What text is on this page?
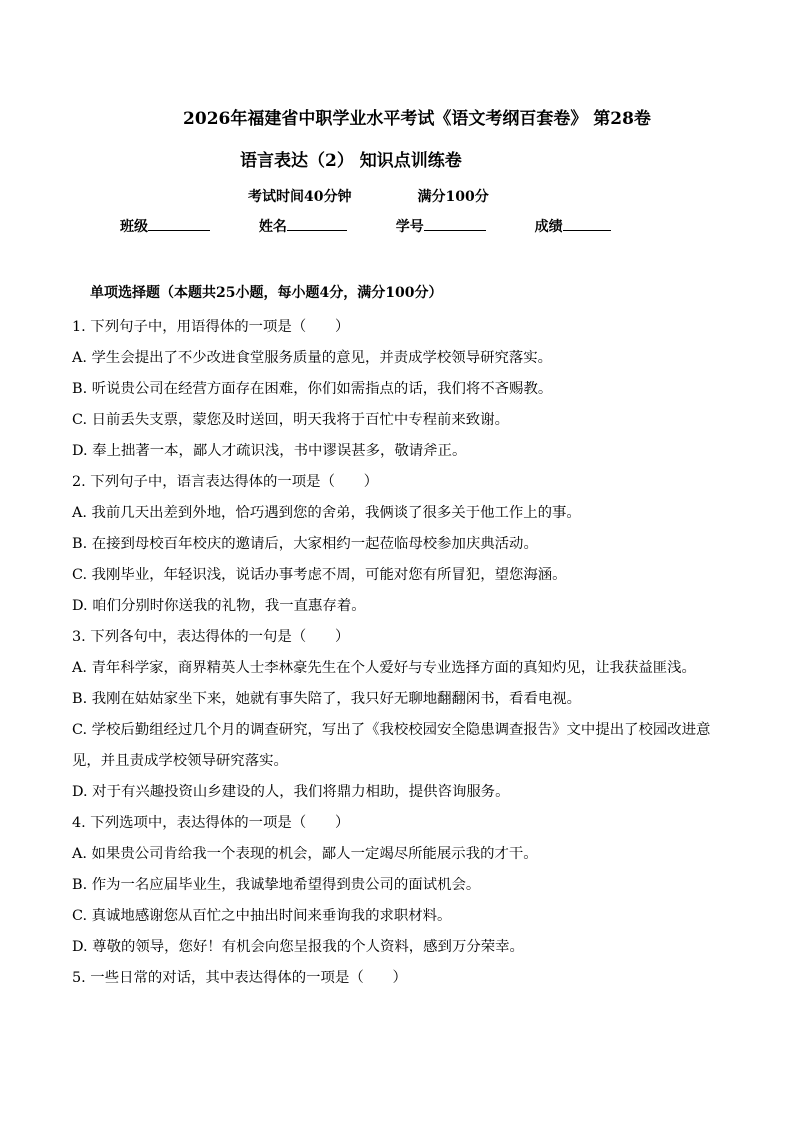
2026年福建省中职学业水平考试《语文考纲百套卷》 第28卷
语言表达（2） 知识点训练卷
考试时间40分钟	满分100分
班级	姓名	学号	成绩
单项选择题（本题共25小题，每小题4分，满分100分）
1. 下列句子中，用语得体的一项是（　　）
A. 学生会提出了不少改进食堂服务质量的意见，并责成学校领导研究落实。
B. 听说贵公司在经营方面存在困难，你们如需指点的话，我们将不吝赐教。
C. 日前丢失支票，蒙您及时送回，明天我将于百忙中专程前来致谢。
D. 奉上拙著一本，鄙人才疏识浅，书中谬误甚多，敬请斧正。
2. 下列句子中，语言表达得体的一项是（　　）
A. 我前几天出差到外地，恰巧遇到您的舍弟，我俩谈了很多关于他工作上的事。
B. 在接到母校百年校庆的邀请后，大家相约一起莅临母校参加庆典活动。
C. 我刚毕业，年轻识浅，说话办事考虑不周，可能对您有所冒犯，望您海涵。
D. 咱们分别时你送我的礼物，我一直惠存着。
3. 下列各句中，表达得体的一句是（　　）
A. 青年科学家，商界精英人士李林豪先生在个人爱好与专业选择方面的真知灼见，让我获益匪浅。
B. 我刚在姑姑家坐下来，她就有事失陪了，我只好无聊地翻翻闲书，看看电视。
C. 学校后勤组经过几个月的调查研究，写出了《我校校园安全隐患调查报告》文中提出了校园改进意见，并且责成学校领导研究落实。
D. 对于有兴趣投资山乡建设的人，我们将鼎力相助，提供咨询服务。
4. 下列选项中，表达得体的一项是（　　）
A. 如果贵公司肯给我一个表现的机会，鄙人一定竭尽所能展示我的才干。
B. 作为一名应届毕业生，我诚挚地希望得到贵公司的面试机会。
C. 真诚地感谢您从百忙之中抽出时间来垂询我的求职材料。
D. 尊敬的领导，您好！有机会向您呈报我的个人资料，感到万分荣幸。
5. 一些日常的对话，其中表达得体的一项是（　　）
